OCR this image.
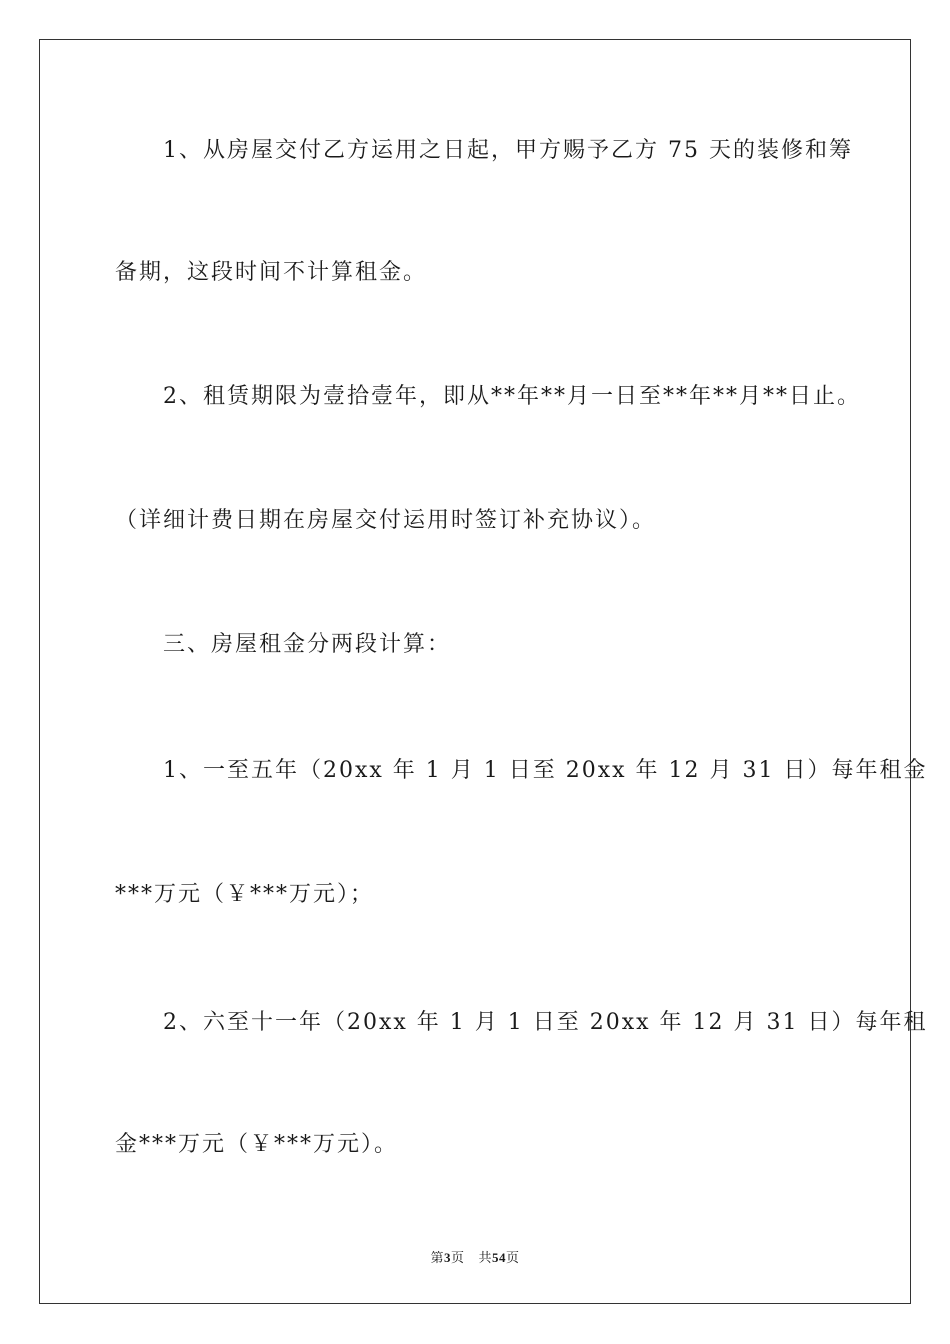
1、从房屋交付乙方运用之日起，甲方赐予乙方 75 天的装修和筹
备期，这段时间不计算租金。
2、租赁期限为壹拾壹年，即从**年**月一日至**年**月**日止。
（详细计费日期在房屋交付运用时签订补充协议）。
三、房屋租金分两段计算：
1、一至五年（20xx 年 1 月 1 日至 20xx 年 12 月 31 日）每年租金
***万元（￥***万元）；
2、六至十一年（20xx 年 1 月 1 日至 20xx 年 12 月 31 日）每年租
金***万元（￥***万元）。
第3页 共54页
